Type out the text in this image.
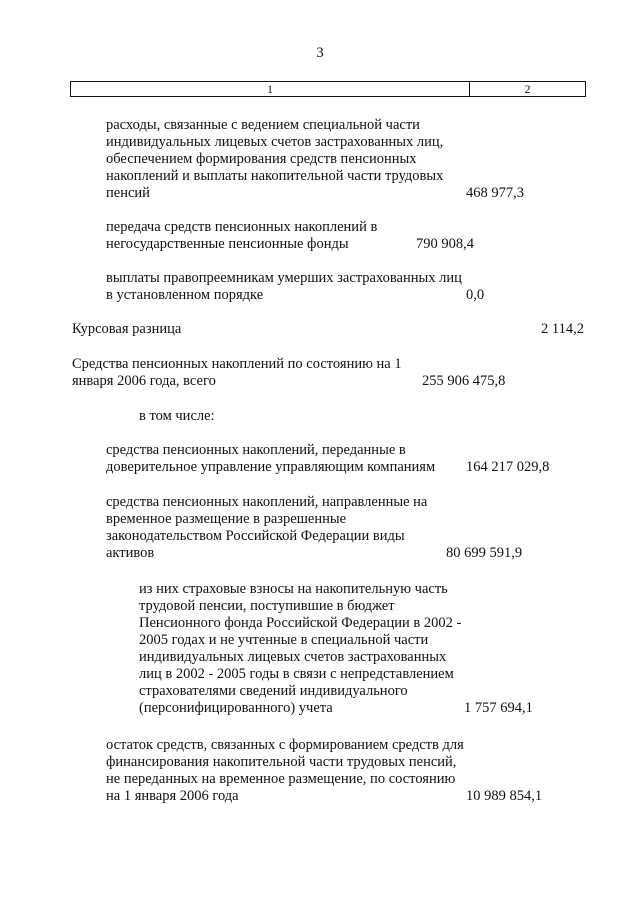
3
1	2
расходы, связанные с ведением специальной части индивидуальных лицевых счетов застрахованных лиц, обеспечением формирования средств пенсионных накоплений и выплаты накопительной части трудовых пенсий	468 977,3
передача средств пенсионных накоплений в негосударственные пенсионные фонды	790 908,4
выплаты правопреемникам умерших застрахованных лиц в установленном порядке	0,0
Курсовая разница	2 114,2
Средства пенсионных накоплений по состоянию на 1 января 2006 года, всего	255 906 475,8
в том числе:
средства пенсионных накоплений, переданные в доверительное управление управляющим компаниям	164 217 029,8
средства пенсионных накоплений, направленные на временное размещение в разрешенные законодательством Российской Федерации виды активов	80 699 591,9
из них страховые взносы на накопительную часть трудовой пенсии, поступившие в бюджет Пенсионного фонда Российской Федерации в 2002 - 2005 годах и не учтенные в специальной части индивидуальных лицевых счетов застрахованных лиц в 2002 - 2005 годы в связи с непредставлением страхователями сведений индивидуального (персонифицированного) учета	1 757 694,1
остаток средств, связанных с формированием средств для финансирования накопительной части трудовых пенсий, не переданных на временное размещение, по состоянию на 1 января 2006 года	10 989 854,1
